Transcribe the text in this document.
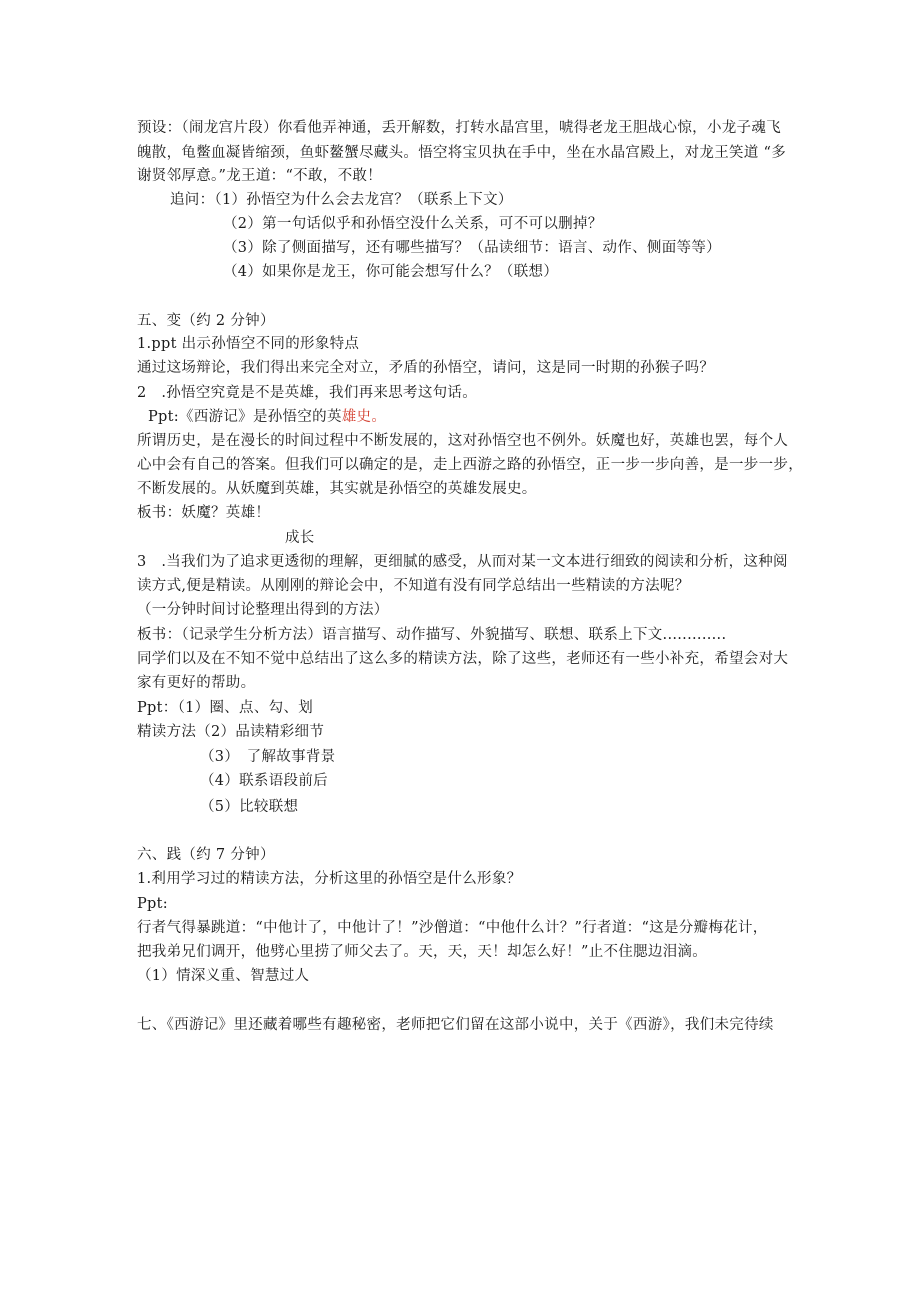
预设：（闹龙宫片段）你看他弄神通，丢开解数，打转水晶宫里，唬得老龙王胆战心惊，小龙子魂飞
魄散，龟鳖血凝皆缩颈，鱼虾鳌蟹尽藏头。悟空将宝贝执在手中，坐在水晶宫殿上，对龙王笑道 “多
谢贤邻厚意。”龙王道：“不敢，不敢！
追问：（1）孙悟空为什么会去龙宫？（联系上下文）
（2）第一句话似乎和孙悟空没什么关系，可不可以删掉？
（3）除了侧面描写，还有哪些描写？（品读细节：语言、动作、侧面等等）
（4）如果你是龙王，你可能会想写什么？（联想）
五、变（约 2 分钟）
1.ppt 出示孙悟空不同的形象特点
通过这场辩论，我们得出来完全对立，矛盾的孙悟空，请问，这是同一时期的孙猴子吗？
2　.孙悟空究竟是不是英雄，我们再来思考这句话。
Ppt:《西游记》是孙悟空的英雄史。
所谓历史，是在漫长的时间过程中不断发展的，这对孙悟空也不例外。妖魔也好，英雄也罢，每个人
心中会有自己的答案。但我们可以确定的是，走上西游之路的孙悟空，正一步一步向善，是一步一步，
不断发展的。从妖魔到英雄，其实就是孙悟空的英雄发展史。
板书：妖魔？英雄！
成长
3　.当我们为了追求更透彻的理解，更细腻的感受，从而对某一文本进行细致的阅读和分析，这种阅
读方式,便是精读。从刚刚的辩论会中，不知道有没有同学总结出一些精读的方法呢？
（一分钟时间讨论整理出得到的方法）
板书：（记录学生分析方法）语言描写、动作描写、外貌描写、联想、联系上下文.............
同学们以及在不知不觉中总结出了这么多的精读方法，除了这些，老师还有一些小补充，希望会对大
家有更好的帮助。
Ppt：（1）圈、点、勾、划
精读方法（2）品读精彩细节
（3）　了解故事背景
（4）联系语段前后
（5）比较联想
六、践（约 7 分钟）
1.利用学习过的精读方法，分析这里的孙悟空是什么形象？
Ppt:
行者气得暴跳道：“中他计了，中他计了！”沙僧道：“中他什么计？”行者道：“这是分瓣梅花计，
把我弟兄们调开，他劈心里捞了师父去了。天，天，天！却怎么好！”止不住腮边泪滴。
（1）情深义重、智慧过人
七、《西游记》里还藏着哪些有趣秘密，老师把它们留在这部小说中，关于《西游》，我们未完待续
